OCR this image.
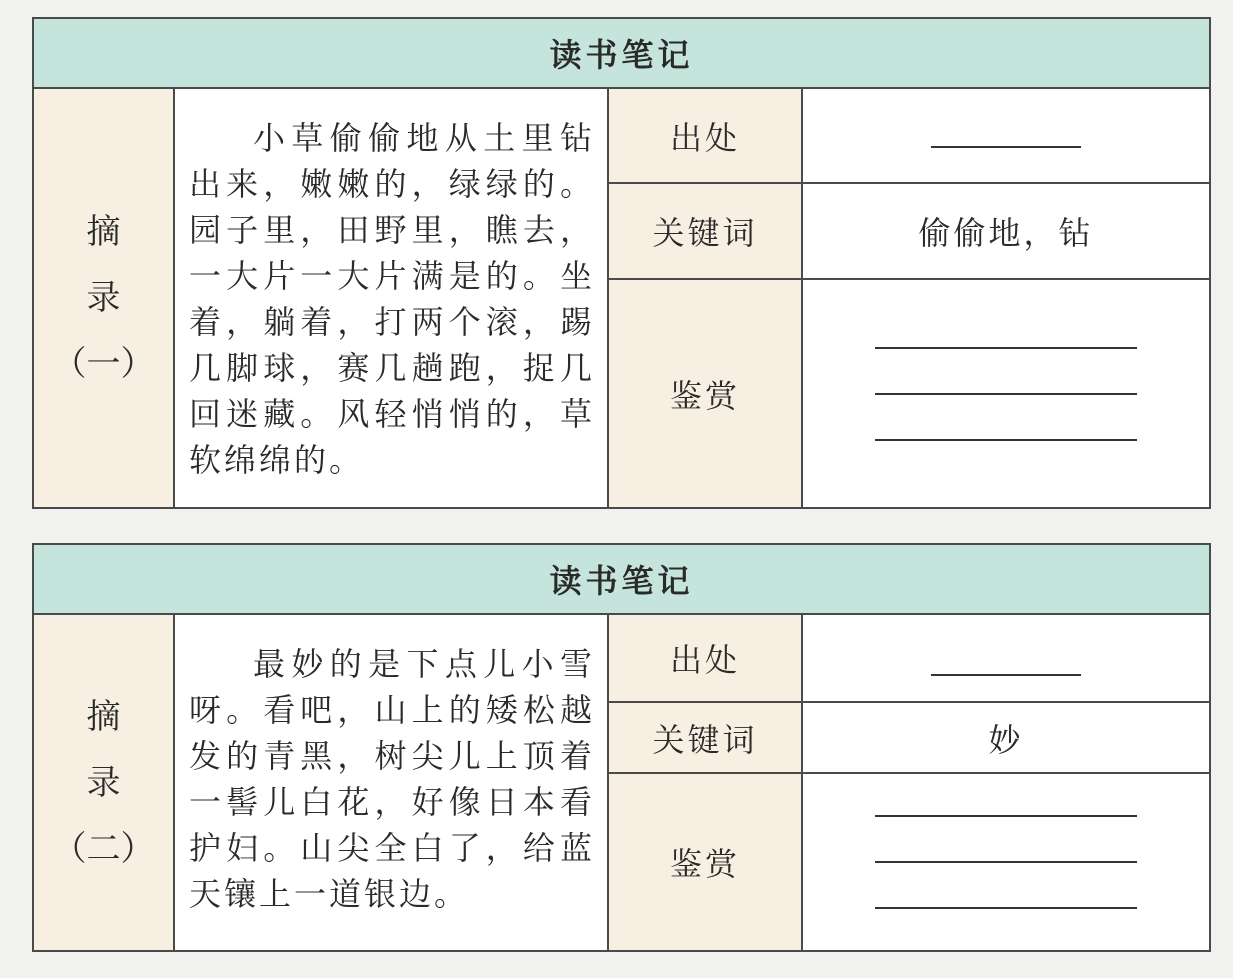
读书笔记
摘
录
（一）

小草偷偷地从土里钻出来，嫩嫩的，绿绿的。园子里，田野里，瞧去，一大片一大片满是的。坐着，躺着，打两个滚，踢几脚球，赛几趟跑，捉几回迷藏。风轻悄悄的，草软绵绵的。

出处
关键词
鉴赏
偷偷地，钻
读书笔记
摘
录
（二）

最妙的是下点儿小雪呀。看吧，山上的矮松越发的青黑，树尖儿上顶着一髻儿白花，好像日本看护妇。山尖全白了，给蓝天镶上一道银边。

出处
关键词
鉴赏
妙
